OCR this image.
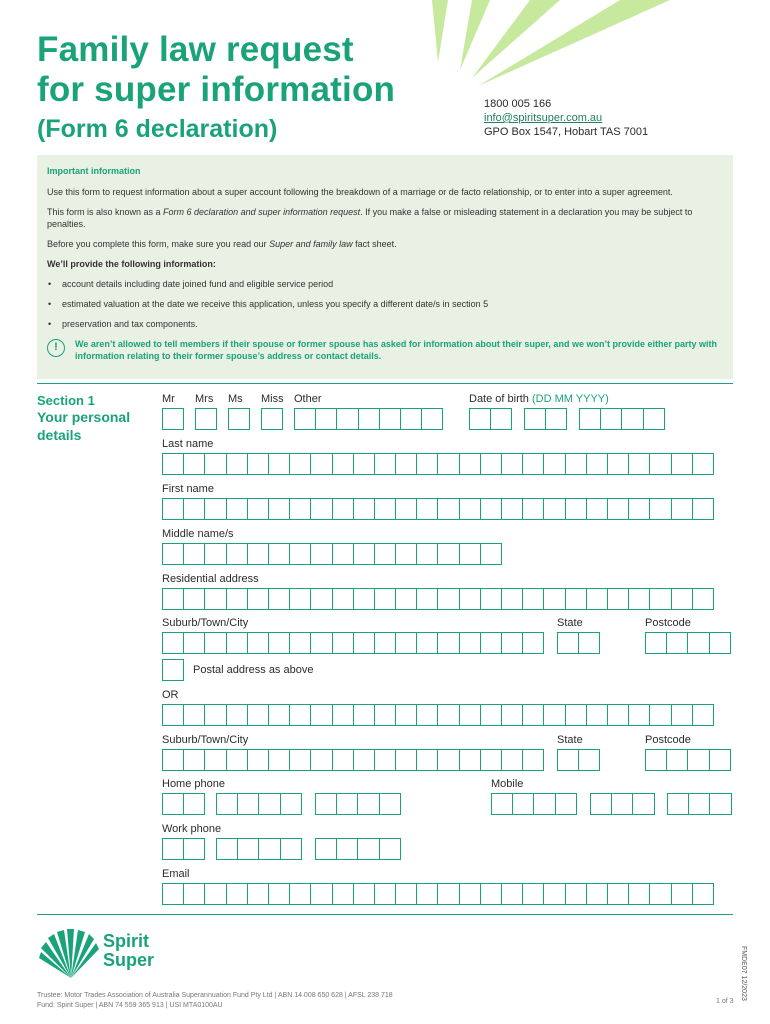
Family law request
for super information
(Form 6 declaration)
1800 005 166
info@spiritsuper.com.au
GPO Box 1547, Hobart TAS 7001
Important information

Use this form to request information about a super account following the breakdown of a marriage or de facto relationship, or to enter into a super agreement.

This form is also known as a Form 6 declaration and super information request. If you make a false or misleading statement in a declaration you may be subject to penalties.

Before you complete this form, make sure you read our Super and family law fact sheet.

We’ll provide the following information:

• account details including date joined fund and eligible service period
• estimated valuation at the date we receive this application, unless you specify a different date/s in section 5
• preservation and tax components.
!	We aren’t allowed to tell members if their spouse or former spouse has asked for information about their super, and we won’t provide either party with information relating to their former spouse’s address or contact details.
Section 1
Your personal details
Mr Mrs Ms Miss Other	Date of birth (DD MM YYYY)
Last name
First name
Middle name/s
Residential address
Suburb/Town/City	State	Postcode
Postal address as above
OR
Suburb/Town/City	State	Postcode
Home phone	Mobile
Work phone
Email
Spirit
Super
Trustee: Motor Trades Association of Australia Superannuation Fund Pty Ltd | ABN 14 008 650 628 | AFSL 238 718
Fund: Spirit Super | ABN 74 559 365 913 | USI MTA0100AU
1 of 3
FMDE07 12/2023
